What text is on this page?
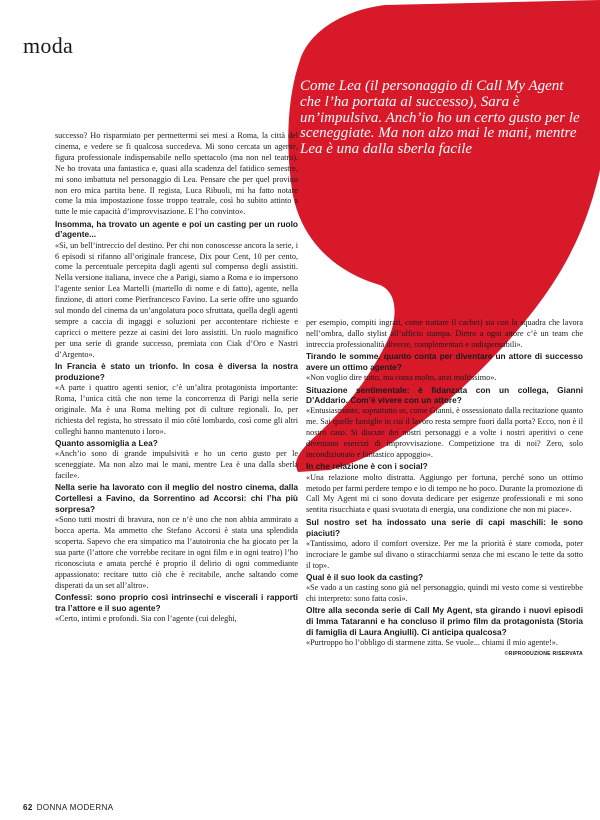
moda

Come Lea (il personaggio di Call My Agent che l’ha portata al successo), Sara è un’impulsiva. Anch’io ho un certo gusto per le sceneggiate. Ma non alzo mai le mani, mentre Lea è una dalla sberla facile

successo? Ho risparmiato per permettermi sei mesi a Roma, la città del cinema, e vedere se fi qualcosa succedeva. Mi sono cercata un agente, figura professionale indispensabile nello spettacolo (ma non nel teatro). Ne ho trovata una fantastica e, quasi alla scadenza del fatidico semestre, mi sono imbattuta nel personaggio di Lea. Pensare che per quel provino non ero mica partita bene. Il regista, Luca Ribuoli, mi ha fatto notare come la mia impostazione fosse troppo teatrale, così ho subito attinto a tutte le mie capacità d’improvvisazione. E l’ho convinto».

Insomma, ha trovato un agente e poi un casting per un ruolo d’agente...

«Sì, un bell’intreccio del destino. Per chi non conoscesse ancora la serie, i 6 episodi si rifanno all’originale francese, Dix pour Cent, 10 per cento, come la percentuale percepita dagli agenti sul compenso degli assistiti. Nella versione italiana, invece che a Parigi, siamo a Roma e io impersono l’agente senior Lea Martelli (martello di nome e di fatto), agente, nella finzione, di attori come Pierfrancesco Favino. La serie offre uno sguardo sul mondo del cinema da un’angolatura poco sfruttata, quella degli agenti sempre a caccia di ingaggi e soluzioni per accontentare richieste e capricci o mettere pezze ai casini dei loro assistiti. Un ruolo magnifico per una serie di grande successo, premiata con Ciak d’Oro e Nastri d’Argento».

In Francia è stato un trionfo. In cosa è diversa la nostra produzione?

«A parte i quattro agenti senior, c’è un’altra protagonista importante: Roma, l’unica città che non teme la concorrenza di Parigi nella serie originale. Ma è una Roma melting pot di culture regionali. Io, per richiesta del regista, ho stressato il mio côté lombardo, così come gli altri colleghi hanno mantenuto i loro».

Quanto assomiglia a Lea?

«Anch’io sono di grande impulsività e ho un certo gusto per le sceneggiate. Ma non alzo mai le mani, mentre Lea è una dalla sberla facile».

Nella serie ha lavorato con il meglio del nostro cinema, dalla Cortellesi a Favino, da Sorrentino ad Accorsi: chi l’ha più sorpresa?

«Sono tutti mostri di bravura, non ce n’è uno che non abbia ammirato a bocca aperta. Ma ammetto che Stefano Accorsi è stata una splendida scoperta. Sapevo che era simpatico ma l’autoironia che ha giocato per la sua parte (l’attore che vorrebbe recitare in ogni film e in ogni teatro) l’ho riconosciuta e amata perché è proprio il delirio di ogni commediante appassionato: recitare tutto ciò che è recitabile, anche saltando come disperati da un set all’altro».

Confessi: sono proprio così intrinsechi e viscerali i rapporti tra l’attore e il suo agente?

«Certo, intimi e profondi. Sia con l’agente (cui deleghi,

per esempio, compiti ingrati, come trattare il cachet) sia con la squadra che lavora nell’ombra, dallo stylist all’ufficio stampa. Dietro a ogni attore c’è un team che intreccia professionalità diverse, complementari e indispensabili».

Tirando le somme, quanto conta per diventare un attore di successo avere un ottimo agente?

«Non voglio dire tutto, ma conta molto, anzi moltissimo».

Situazione sentimentale: è fidanzata con un collega, Gianni D’Addario. Com’è vivere con un attore?

«Entusiasmante, soprattutto se, come Gianni, è ossessionato dalla recitazione quanto me. Sai quelle famiglie in cui il lavoro resta sempre fuori dalla porta? Ecco, non è il nostro caso. Si discute dei nostri personaggi e a volte i nostri aperitivi o cene diventano esercizi di improvvisazione. Competizione tra di noi? Zero, solo incondizionato e fantastico appoggio».

In che relazione è con i social?

«Una relazione molto distratta. Aggiungo per fortuna, perché sono un ottimo metodo per farmi perdere tempo e io di tempo ne ho poco. Durante la promozione di Call My Agent mi ci sono dovuta dedicare per esigenze professionali e mi sono sentita risucchiata e quasi svuotata di energia, una condizione che non mi piace».

Sul nostro set ha indossato una serie di capi maschili: le sono piaciuti?

«Tantissimo, adoro il comfort oversize. Per me la priorità è stare comoda, poter incrociare le gambe sul divano o stiracchiarmi senza che mi escano le tette da sotto il top».

Qual è il suo look da casting?

«Se vado a un casting sono già nel personaggio, quindi mi vesto come si vestirebbe chi interpreto: sono fatta così».

Oltre alla seconda serie di Call My Agent, sta girando i nuovi episodi di Imma Tataranni e ha concluso il primo film da protagonista (Storia di famiglia di Laura Angiulli). Ci anticipa qualcosa?

«Purtroppo ho l’obbligo di starmene zitta. Se vuole... chiami il mio agente!».
©RIPRODUZIONE RISERVATA

62 DONNA MODERNA
